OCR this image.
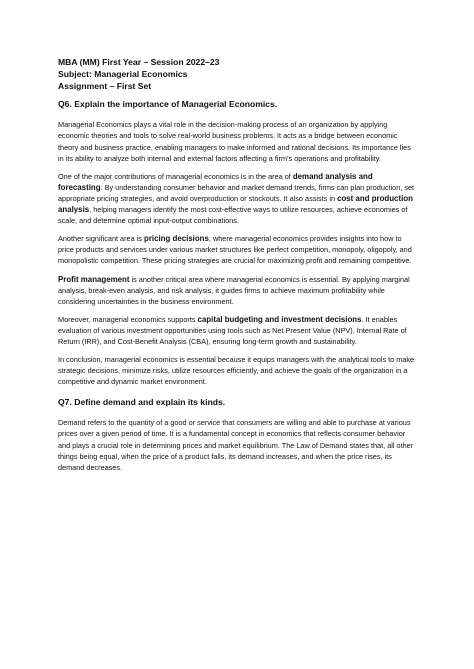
MBA (MM) First Year – Session 2022–23
Subject: Managerial Economics
Assignment – First Set
Q6. Explain the importance of Managerial Economics.

Managerial Economics plays a vital role in the decision-making process of an organization by applying economic theories and tools to solve real-world business problems. It acts as a bridge between economic theory and business practice, enabling managers to make informed and rational decisions. Its importance lies in its ability to analyze both internal and external factors affecting a firm’s operations and profitability.

One of the major contributions of managerial economics is in the area of demand analysis and forecasting. By understanding consumer behavior and market demand trends, firms can plan production, set appropriate pricing strategies, and avoid overproduction or stockouts. It also assists in cost and production analysis, helping managers identify the most cost-effective ways to utilize resources, achieve economies of scale, and determine optimal input-output combinations.

Another significant area is pricing decisions, where managerial economics provides insights into how to price products and services under various market structures like perfect competition, monopoly, oligopoly, and monopolistic competition. These pricing strategies are crucial for maximizing profit and remaining competitive.

Profit management is another critical area where managerial economics is essential. By applying marginal analysis, break-even analysis, and risk analysis, it guides firms to achieve maximum profitability while considering uncertainties in the business environment.

Moreover, managerial economics supports capital budgeting and investment decisions. It enables evaluation of various investment opportunities using tools such as Net Present Value (NPV), Internal Rate of Return (IRR), and Cost-Benefit Analysis (CBA), ensuring long-term growth and sustainability.

In conclusion, managerial economics is essential because it equips managers with the analytical tools to make strategic decisions, minimize risks, utilize resources efficiently, and achieve the goals of the organization in a competitive and dynamic market environment.

Q7. Define demand and explain its kinds.

Demand refers to the quantity of a good or service that consumers are willing and able to purchase at various prices over a given period of time. It is a fundamental concept in economics that reflects consumer behavior and plays a crucial role in determining prices and market equilibrium. The Law of Demand states that, all other things being equal, when the price of a product falls, its demand increases, and when the price rises, its demand decreases.
